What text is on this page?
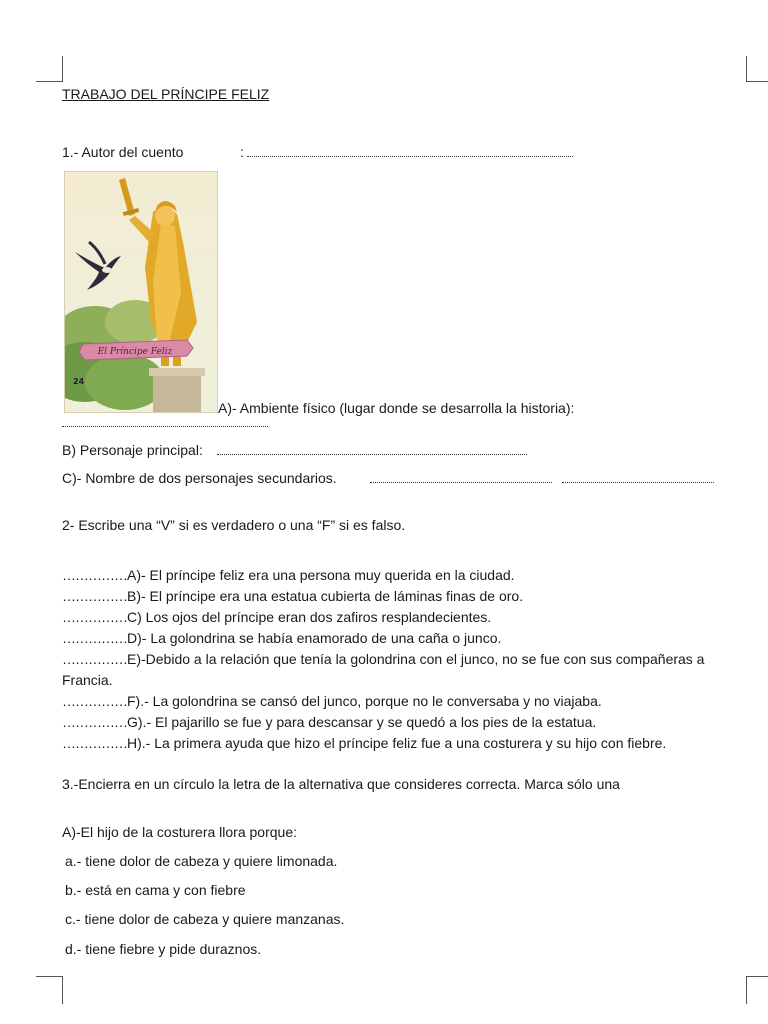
TRABAJO DEL PRÍNCIPE FELIZ
1.- Autor del cuento	:
El Príncipe Feliz
24
A)- Ambiente físico (lugar donde se desarrolla la historia):
B) Personaje principal:
C)- Nombre de dos personajes secundarios.
2- Escribe una “V” si es verdadero o una “F” si es falso.
……………A)- El príncipe feliz era una persona muy querida en la ciudad.
……………B)- El príncipe era una estatua cubierta de láminas finas de oro.
……………C) Los ojos del príncipe eran dos zafiros resplandecientes.
……………D)- La golondrina se había enamorado de una caña o junco.
……………E)-Debido a la relación que tenía la golondrina con el junco, no se fue con sus compañeras a
Francia.
……………F).- La golondrina se cansó del junco, porque no le conversaba y no viajaba.
……………G).- El pajarillo se fue y para descansar y se quedó a los pies de la estatua.
……………H).- La primera ayuda que hizo el príncipe feliz fue a una costurera y su hijo con fiebre.
3.-Encierra en un círculo la letra de la alternativa que consideres correcta. Marca sólo una
A)-El hijo de la costurera llora porque:
a.- tiene dolor de cabeza y quiere limonada.
b.- está en cama y con fiebre
c.- tiene dolor de cabeza y quiere manzanas.
d.- tiene fiebre y pide duraznos.
